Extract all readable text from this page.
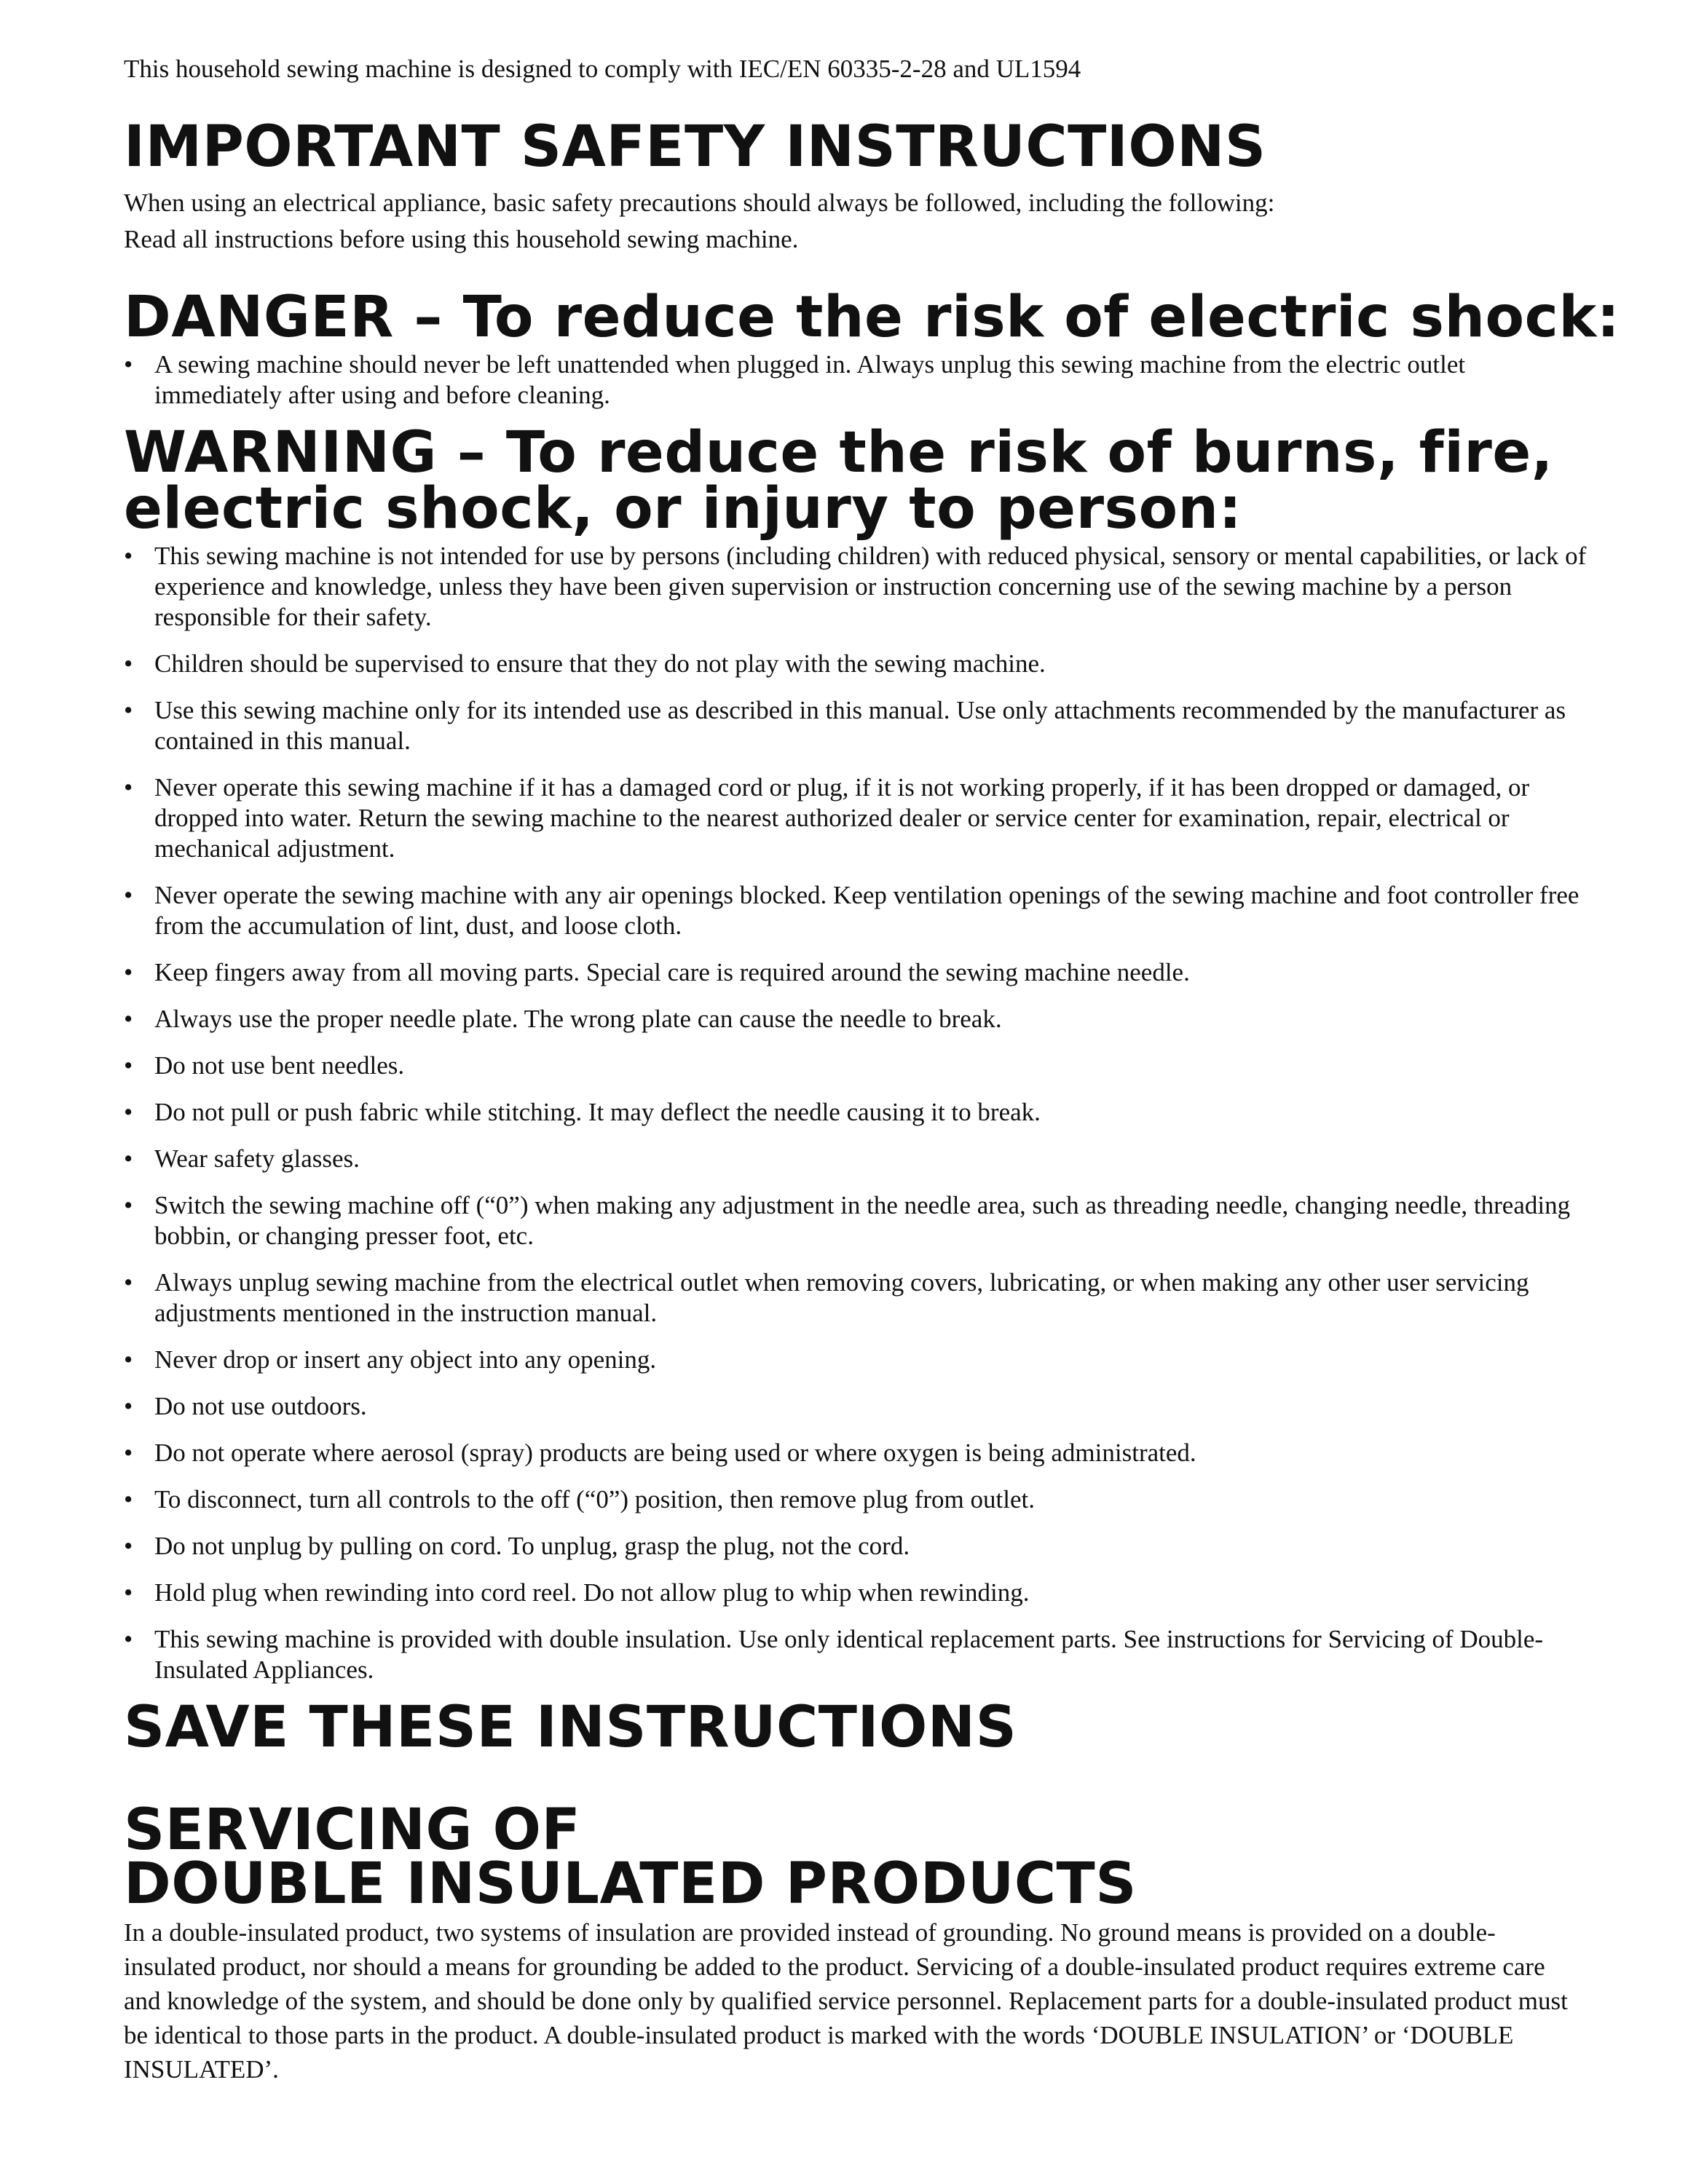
This household sewing machine is designed to comply with IEC/EN 60335-2-28 and UL1594
IMPORTANT SAFETY INSTRUCTIONS

When using an electrical appliance, basic safety precautions should always be followed, including the following:

Read all instructions before using this household sewing machine.

DANGER – To reduce the risk of electric shock:
• A sewing machine should never be left unattended when plugged in. Always unplug this sewing machine from the electric outlet immediately after using and before cleaning.
WARNING – To reduce the risk of burns, fire,
electric shock, or injury to person:
• This sewing machine is not intended for use by persons (including children) with reduced physical, sensory or mental capabilities, or lack of experience and knowledge, unless they have been given supervision or instruction concerning use of the sewing machine by a person responsible for their safety.
• Children should be supervised to ensure that they do not play with the sewing machine.
• Use this sewing machine only for its intended use as described in this manual. Use only attachments recommended by the manufacturer as contained in this manual.
• Never operate this sewing machine if it has a damaged cord or plug, if it is not working properly, if it has been dropped or damaged, or dropped into water. Return the sewing machine to the nearest authorized dealer or service center for examination, repair, electrical or mechanical adjustment.
• Never operate the sewing machine with any air openings blocked. Keep ventilation openings of the sewing machine and foot controller free from the accumulation of lint, dust, and loose cloth.
• Keep fingers away from all moving parts. Special care is required around the sewing machine needle.
• Always use the proper needle plate. The wrong plate can cause the needle to break.
• Do not use bent needles.
• Do not pull or push fabric while stitching. It may deflect the needle causing it to break.
• Wear safety glasses.
• Switch the sewing machine off (“0”) when making any adjustment in the needle area, such as threading needle, changing needle, threading bobbin, or changing presser foot, etc.
• Always unplug sewing machine from the electrical outlet when removing covers, lubricating, or when making any other user servicing adjustments mentioned in the instruction manual.
• Never drop or insert any object into any opening.
• Do not use outdoors.
• Do not operate where aerosol (spray) products are being used or where oxygen is being administrated.
• To disconnect, turn all controls to the off (“0”) position, then remove plug from outlet.
• Do not unplug by pulling on cord. To unplug, grasp the plug, not the cord.
• Hold plug when rewinding into cord reel. Do not allow plug to whip when rewinding.
• This sewing machine is provided with double insulation. Use only identical replacement parts. See instructions for Servicing of Double-Insulated Appliances.
SAVE THESE INSTRUCTIONS
SERVICING OF
DOUBLE INSULATED PRODUCTS

In a double-insulated product, two systems of insulation are provided instead of grounding. No ground means is provided on a double-insulated product, nor should a means for grounding be added to the product. Servicing of a double-insulated product requires extreme care and knowledge of the system, and should be done only by qualified service personnel. Replacement parts for a double-insulated product must be identical to those parts in the product. A double-insulated product is marked with the words ‘DOUBLE INSULATION’ or ‘DOUBLE INSULATED’.
